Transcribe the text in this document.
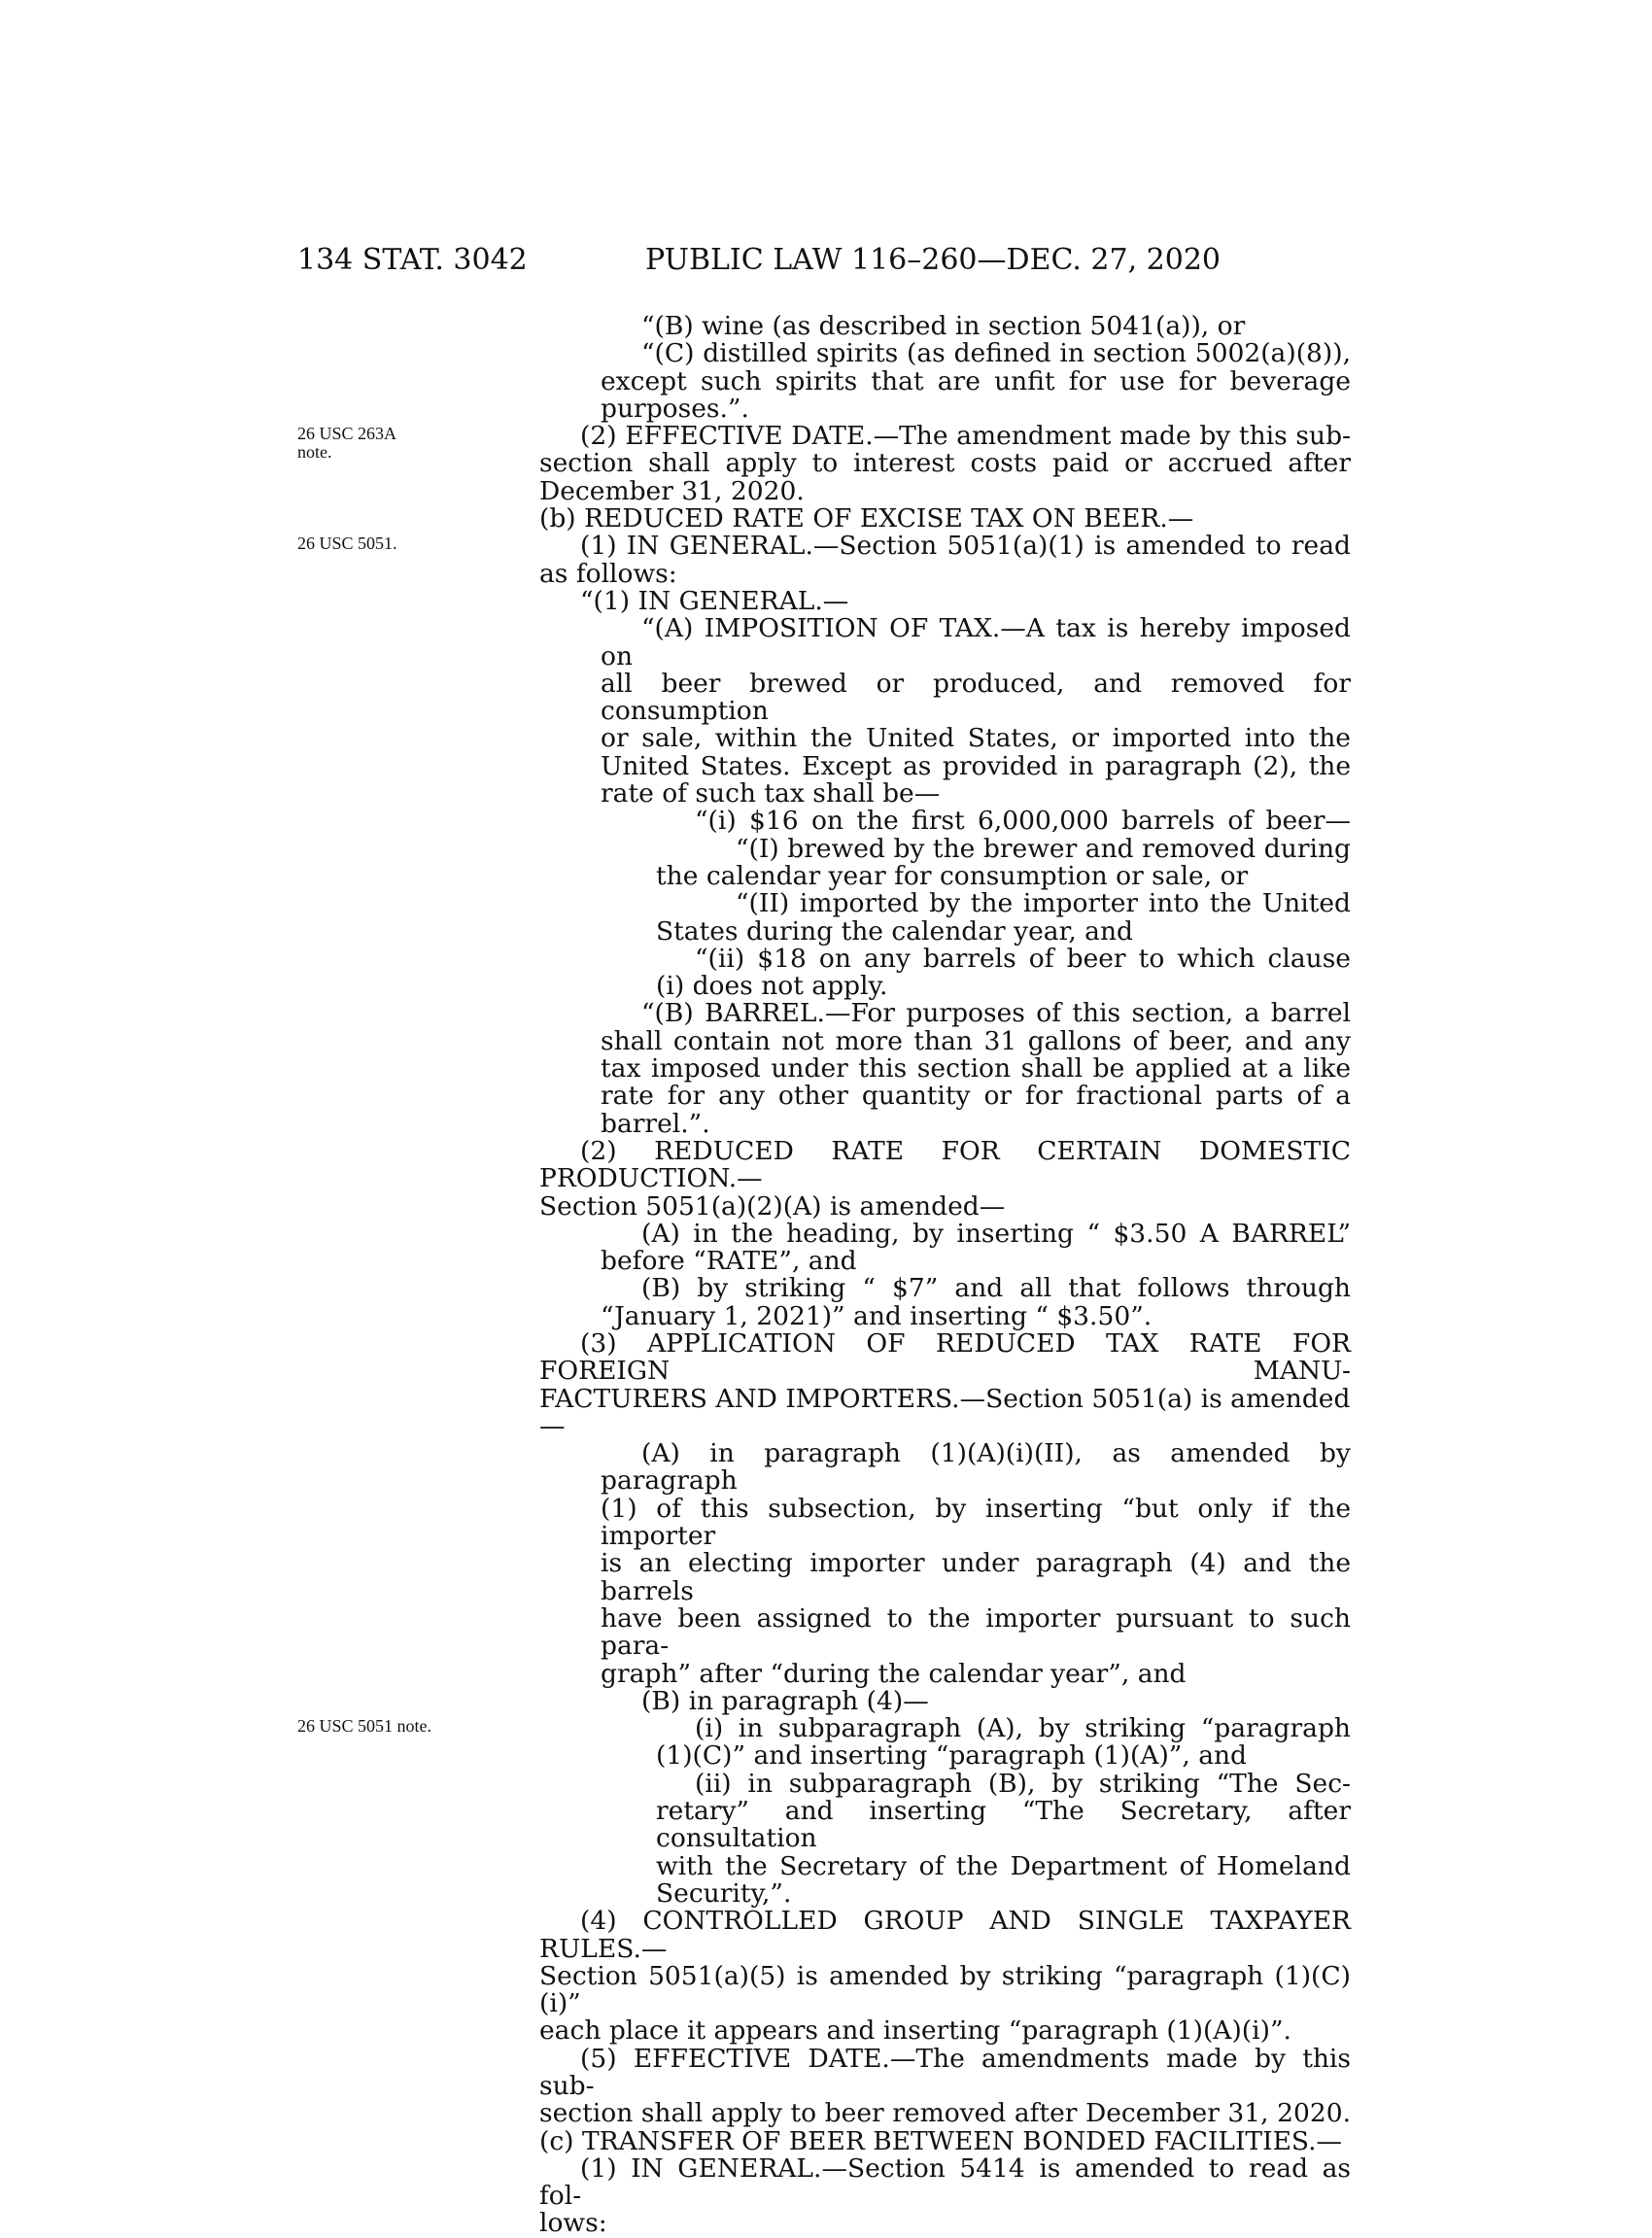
134 STAT. 3042	PUBLIC LAW 116–260—DEC. 27, 2020
26 USC 263A note.
26 USC 5051.
26 USC 5051 note.
“(B) wine (as described in section 5041(a)), or
“(C) distilled spirits (as defined in section 5002(a)(8)),
except such spirits that are unfit for use for beverage
purposes.”.
(2) EFFECTIVE DATE.—The amendment made by this sub-
section shall apply to interest costs paid or accrued after
December 31, 2020.
(b) REDUCED RATE OF EXCISE TAX ON BEER.—
(1) IN GENERAL.—Section 5051(a)(1) is amended to read
as follows:
“(1) IN GENERAL.—
“(A) IMPOSITION OF TAX.—A tax is hereby imposed on
all beer brewed or produced, and removed for consumption
or sale, within the United States, or imported into the
United States. Except as provided in paragraph (2), the
rate of such tax shall be—
“(i) $16 on the first 6,000,000 barrels of beer—
“(I) brewed by the brewer and removed during
the calendar year for consumption or sale, or
“(II) imported by the importer into the United
States during the calendar year, and
“(ii) $18 on any barrels of beer to which clause
(i) does not apply.
“(B) BARREL.—For purposes of this section, a barrel
shall contain not more than 31 gallons of beer, and any
tax imposed under this section shall be applied at a like
rate for any other quantity or for fractional parts of a
barrel.”.
(2) REDUCED RATE FOR CERTAIN DOMESTIC PRODUCTION.—
Section 5051(a)(2)(A) is amended—
(A) in the heading, by inserting “ $3.50 A BARREL”
before “RATE”, and
(B) by striking “ $7” and all that follows through
“January 1, 2021)” and inserting “ $3.50”.
(3) APPLICATION OF REDUCED TAX RATE FOR FOREIGN MANU-
FACTURERS AND IMPORTERS.—Section 5051(a) is amended—
(A) in paragraph (1)(A)(i)(II), as amended by paragraph
(1) of this subsection, by inserting “but only if the importer
is an electing importer under paragraph (4) and the barrels
have been assigned to the importer pursuant to such para-
graph” after “during the calendar year”, and
(B) in paragraph (4)—
(i) in subparagraph (A), by striking “paragraph
(1)(C)” and inserting “paragraph (1)(A)”, and
(ii) in subparagraph (B), by striking “The Sec-
retary” and inserting “The Secretary, after consultation
with the Secretary of the Department of Homeland
Security,”.
(4) CONTROLLED GROUP AND SINGLE TAXPAYER RULES.—
Section 5051(a)(5) is amended by striking “paragraph (1)(C)(i)”
each place it appears and inserting “paragraph (1)(A)(i)”.
(5) EFFECTIVE DATE.—The amendments made by this sub-
section shall apply to beer removed after December 31, 2020.
(c) TRANSFER OF BEER BETWEEN BONDED FACILITIES.—
(1) IN GENERAL.—Section 5414 is amended to read as fol-
lows:
